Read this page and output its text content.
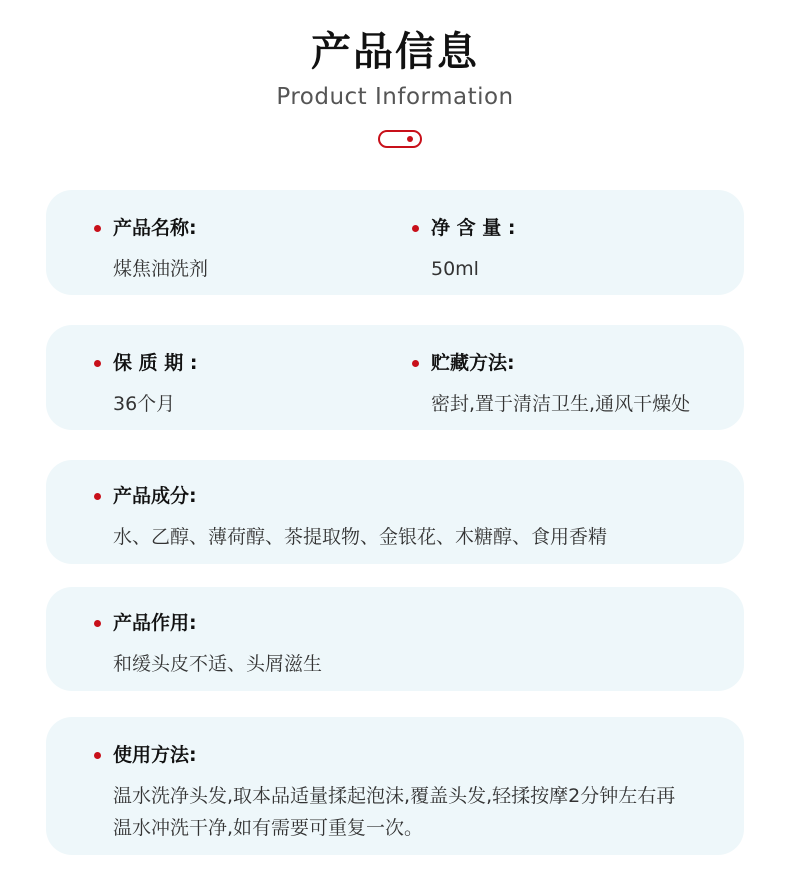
产品信息
Product Information
产品名称:
煤焦油洗剂
净 含 量 :
50ml
保 质 期 :
36个月
贮藏方法:
密封,置于清洁卫生,通风干燥处
产品成分:
水、乙醇、薄荷醇、茶提取物、金银花、木糖醇、食用香精
产品作用:
和缓头皮不适、头屑滋生
使用方法:
温水洗净头发,取本品适量揉起泡沫,覆盖头发,轻揉按摩2分钟左右再
温水冲洗干净,如有需要可重复一次。
